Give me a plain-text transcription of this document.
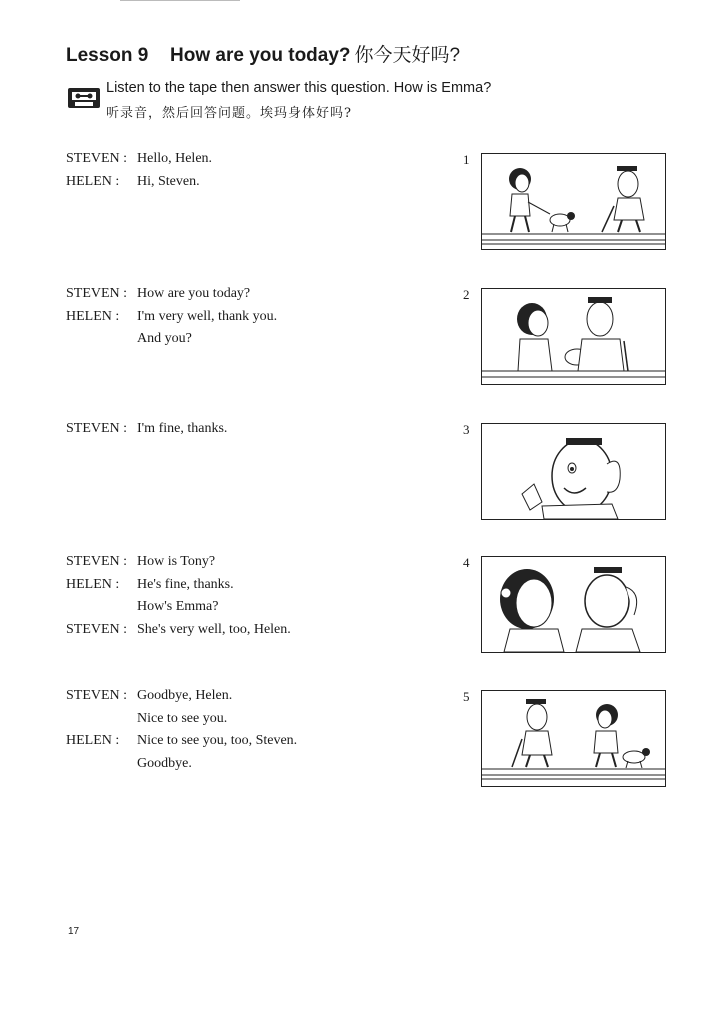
Lesson 9 How are you today? 你今天好吗?
Listen to the tape then answer this question. How is Emma?
听录音，然后回答问题。埃玛身体好吗?
STEVEN : Hello, Helen.
HELEN : Hi, Steven.
1
STEVEN : How are you today?
HELEN : I'm very well, thank you.
And you?
2
STEVEN : I'm fine, thanks.	3
STEVEN : How is Tony?
HELEN : He's fine, thanks.
How's Emma?
STEVEN : She's very well, too, Helen.
4
STEVEN : Goodbye, Helen.
Nice to see you.
HELEN : Nice to see you, too, Steven.
Goodbye.
5
17
